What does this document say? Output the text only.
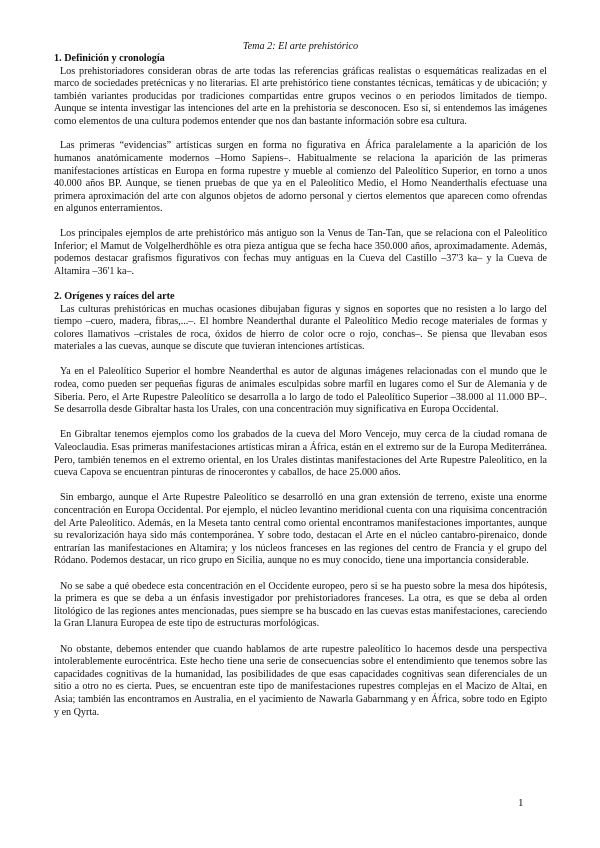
Tema 2: El arte prehistórico

1. Definición y cronología

Los prehistoriadores consideran obras de arte todas las referencias gráficas realistas o esquemáticas realizadas en el marco de sociedades pretécnicas y no literarias. El arte prehistórico tiene constantes técnicas, temáticas y de ubicación; y también variantes producidas por tradiciones compartidas entre grupos vecinos o en periodos limitados de tiempo. Aunque se intenta investigar las intenciones del arte en la prehistoria se desconocen. Eso sí, si entendemos las imágenes como elementos de una cultura podemos entender que nos dan bastante información sobre esa cultura.

Las primeras “evidencias” artísticas surgen en forma no figurativa en África paralelamente a la aparición de los humanos anatómicamente modernos –Homo Sapiens–. Habitualmente se relaciona la aparición de las primeras manifestaciones artísticas en Europa en forma rupestre y mueble al comienzo del Paleolítico Superior, en torno a unos 40.000 años BP. Aunque, se tienen pruebas de que ya en el Paleolítico Medio, el Homo Neanderthalis efectuase una primera aproximación del arte con algunos objetos de adorno personal y ciertos elementos que aparecen como ofrendas en algunos enterramientos.

Los principales ejemplos de arte prehistórico más antiguo son la Venus de Tan-Tan, que se relaciona con el Paleolítico Inferior; el Mamut de Volgelherdhöhle es otra pieza antigua que se fecha hace 350.000 años, aproximadamente. Además, podemos destacar grafismos figurativos con fechas muy antiguas en la Cueva del Castillo –37'3 ka– y la Cueva de Altamira –36'1 ka–.

2. Orígenes y raíces del arte

Las culturas prehistóricas en muchas ocasiones dibujaban figuras y signos en soportes que no resisten a lo largo del tiempo –cuero, madera, fibras,...–. El hombre Neanderthal durante el Paleolítico Medio recoge materiales de formas y colores llamativos –cristales de roca, óxidos de hierro de color ocre o rojo, conchas–. Se piensa que llevaban esos materiales a las cuevas, aunque se discute que tuvieran intenciones artísticas.

Ya en el Paleolítico Superior el hombre Neanderthal es autor de algunas imágenes relacionadas con el mundo que le rodea, como pueden ser pequeñas figuras de animales esculpidas sobre marfil en lugares como el Sur de Alemania y de Siberia. Pero, el Arte Rupestre Paleolítico se desarrolla a lo largo de todo el Paleolítico Superior –38.000 al 11.000 BP–. Se desarrolla desde Gibraltar hasta los Urales, con una concentración muy significativa en Europa Occidental.

En Gibraltar tenemos ejemplos como los grabados de la cueva del Moro Vencejo, muy cerca de la ciudad romana de Valeoclaudia. Esas primeras manifestaciones artísticas miran a África, están en el extremo sur de la Europa Mediterránea. Pero, también tenemos en el extremo oriental, en los Urales distintas manifestaciones del Arte Rupestre Paleolítico, en la cueva Capova se encuentran pinturas de rinocerontes y caballos, de hace 25.000 años.

Sin embargo, aunque el Arte Rupestre Paleolítico se desarrolló en una gran extensión de terreno, existe una enorme concentración en Europa Occidental. Por ejemplo, el núcleo levantino meridional cuenta con una riquísima concentración del Arte Paleolítico. Además, en la Meseta tanto central como oriental encontramos manifestaciones importantes, aunque su revalorización haya sido más contemporánea. Y sobre todo, destacan el Arte en el núcleo cantabro-pirenaico, donde entrarían las manifestaciones en Altamira; y los núcleos franceses en las regiones del centro de Francia y el grupo del Ródano. Podemos destacar, un rico grupo en Sicilia, aunque no es muy conocido, tiene una importancia considerable.

No se sabe a qué obedece esta concentración en el Occidente europeo, pero si se ha puesto sobre la mesa dos hipótesis, la primera es que se deba a un énfasis investigador por prehistoriadores franceses. La otra, es que se deba al orden litológico de las regiones antes mencionadas, pues siempre se ha buscado en las cuevas estas manifestaciones, careciendo la Gran Llanura Europea de este tipo de estructuras morfológicas.

No obstante, debemos entender que cuando hablamos de arte rupestre paleolítico lo hacemos desde una perspectiva intolerablemente eurocéntrica. Este hecho tiene una serie de consecuencias sobre el entendimiento que tenemos sobre las capacidades cognitivas de la humanidad, las posibilidades de que esas capacidades cognitivas sean diferenciales de un sitio a otro no es cierta. Pues, se encuentran este tipo de manifestaciones rupestres complejas en el Macizo de Altai, en Asia; también las encontramos en Australia, en el yacimiento de Nawarla Gabarnmang y en África, sobre todo en Egipto y en Qyrta.

1
